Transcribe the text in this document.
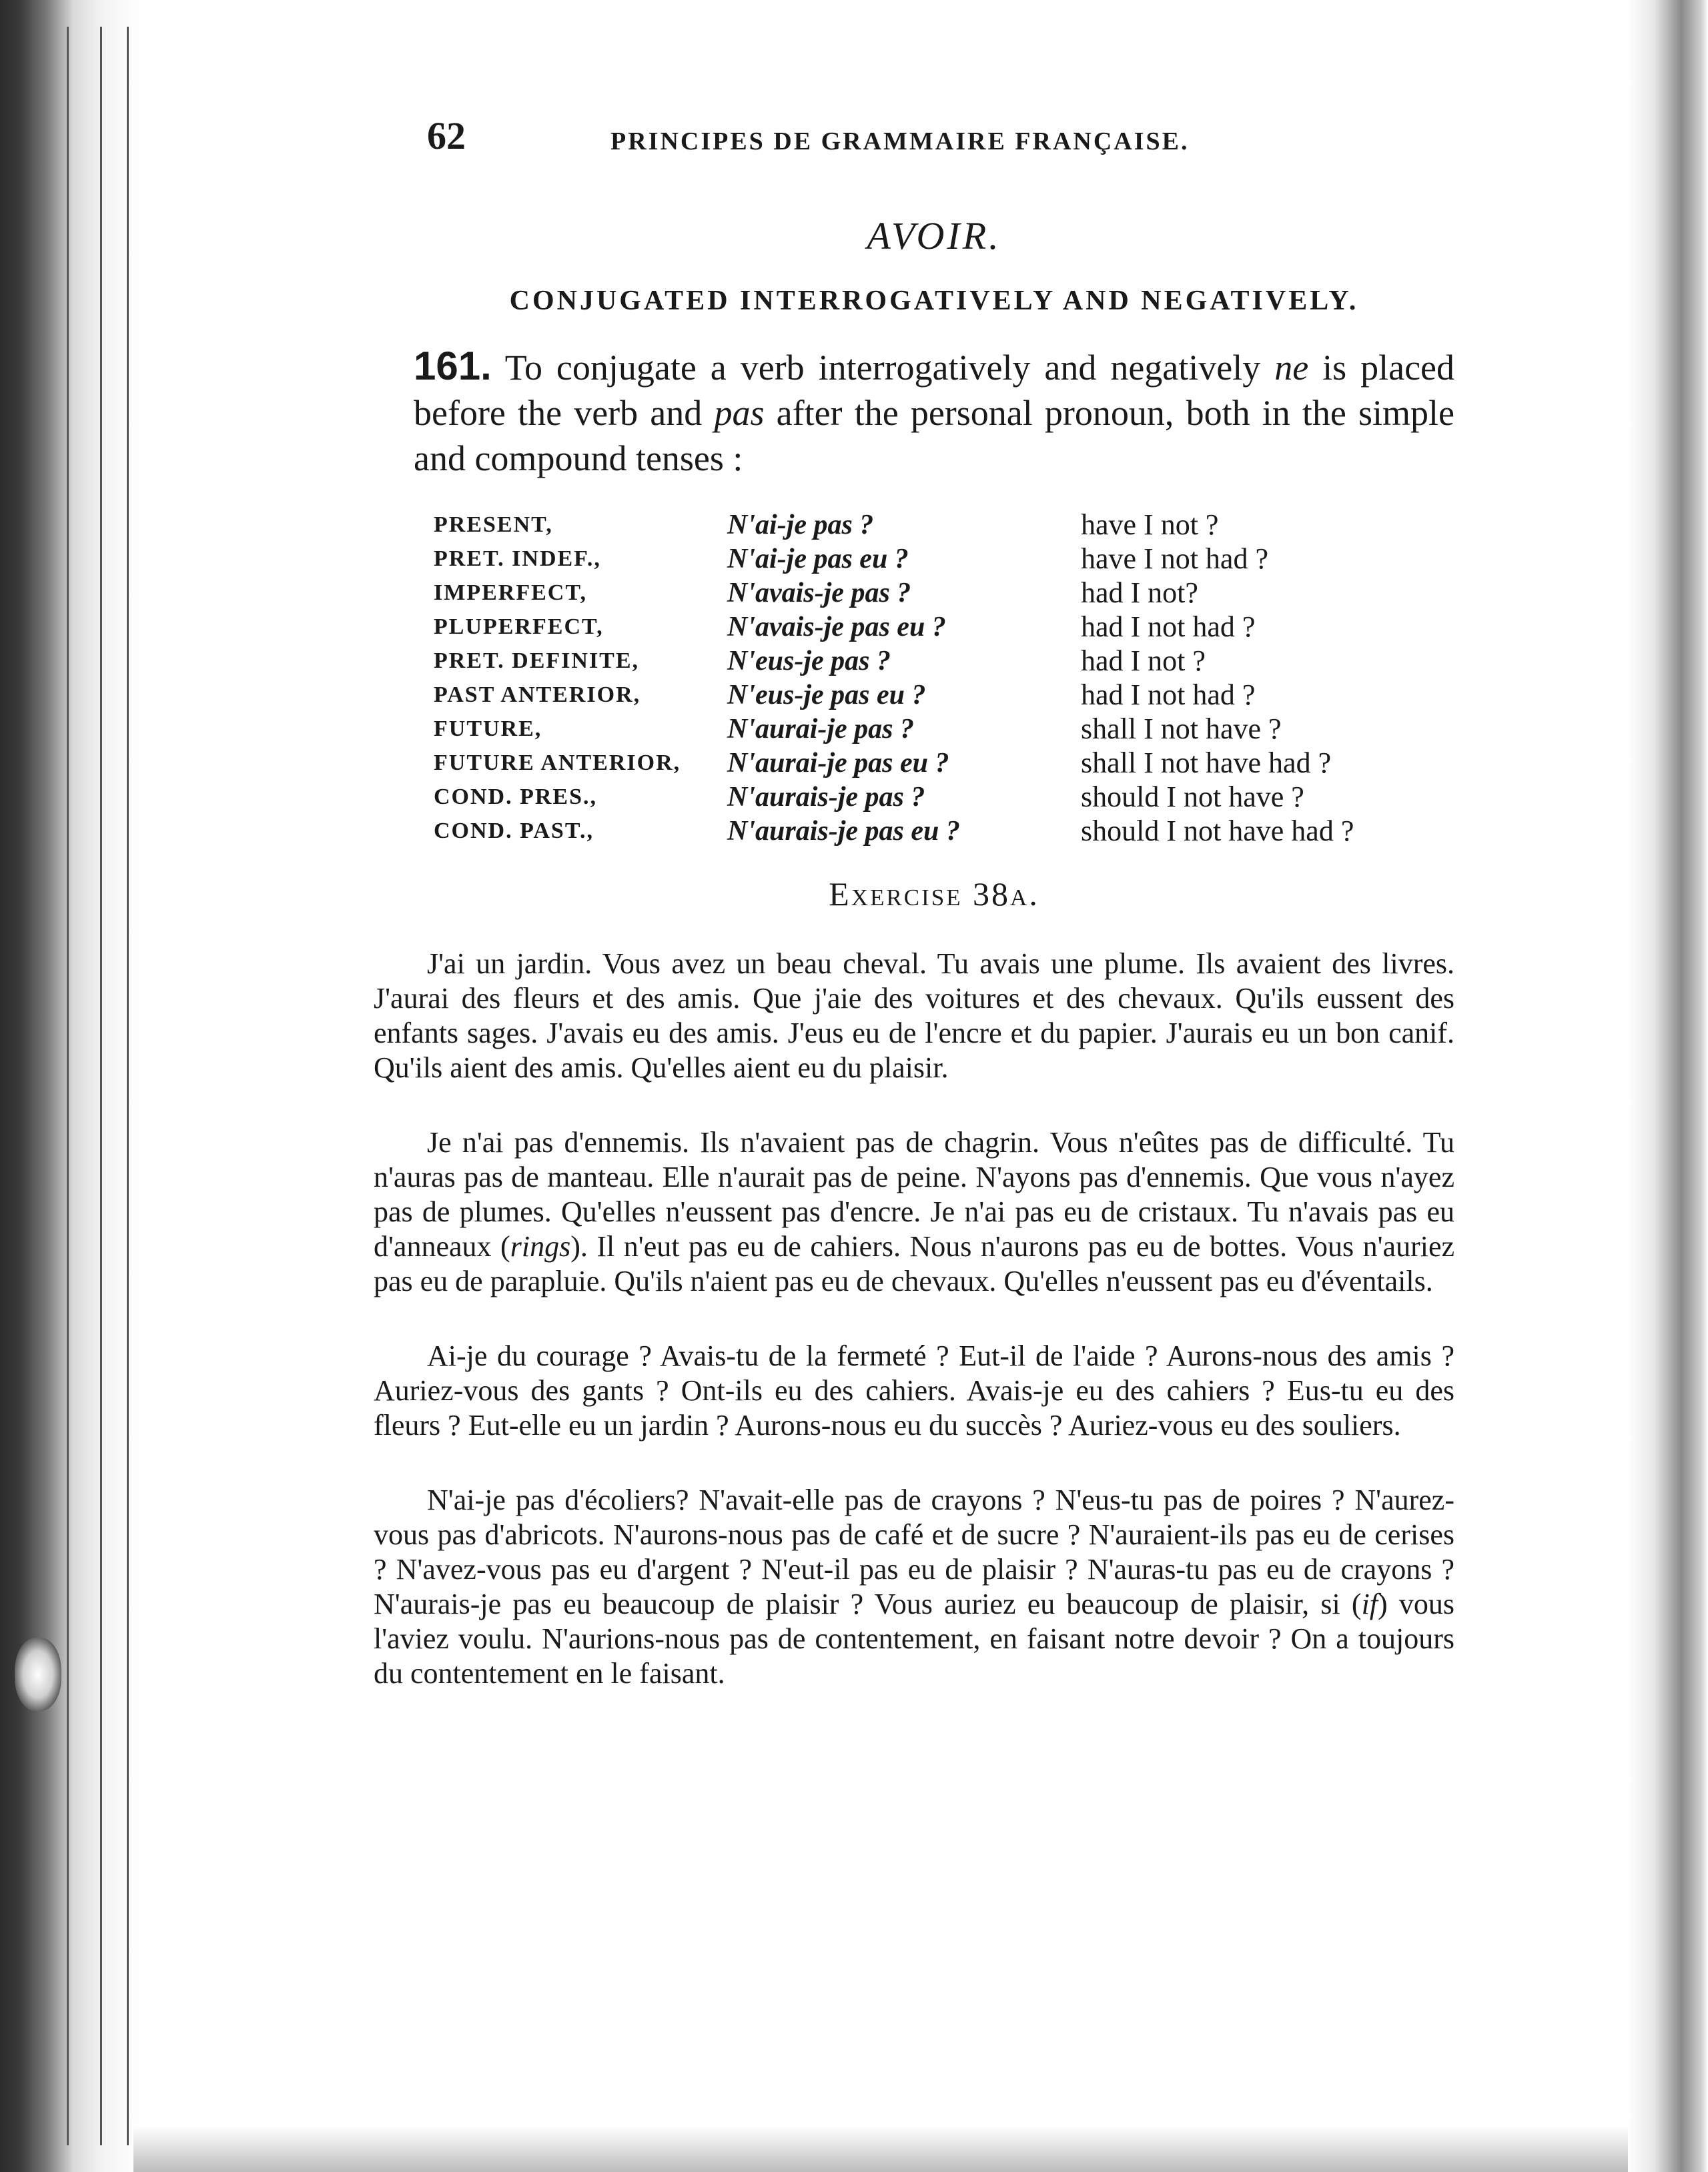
62	PRINCIPES DE GRAMMAIRE FRANÇAISE.
AVOIR.
CONJUGATED INTERROGATIVELY AND NEGATIVELY.

161. To conjugate a verb interrogatively and negatively ne is placed before the verb and pas after the personal pronoun, both in the simple and compound tenses :

PRESENT,	N'ai-je pas ?	have I not ?
PRET. INDEF.,	N'ai-je pas eu ?	have I not had ?
IMPERFECT,	N'avais-je pas ?	had I not?
PLUPERFECT,	N'avais-je pas eu ?	had I not had ?
PRET. DEFINITE,	N'eus-je pas ?	had I not ?
PAST ANTERIOR,	N'eus-je pas eu ?	had I not had ?
FUTURE,	N'aurai-je pas ?	shall I not have ?
FUTURE ANTERIOR,	N'aurai-je pas eu ?	shall I not have had ?
COND. PRES.,	N'aurais-je pas ?	should I not have ?
COND. PAST.,	N'aurais-je pas eu ?	should I not have had ?
Exercise 38a.

J'ai un jardin. Vous avez un beau cheval. Tu avais une plume. Ils avaient des livres. J'aurai des fleurs et des amis. Que j'aie des voitures et des chevaux. Qu'ils eussent des enfants sages. J'avais eu des amis. J'eus eu de l'encre et du papier. J'aurais eu un bon canif. Qu'ils aient des amis. Qu'elles aient eu du plaisir.

Je n'ai pas d'ennemis. Ils n'avaient pas de chagrin. Vous n'eûtes pas de difficulté. Tu n'auras pas de manteau. Elle n'aurait pas de peine. N'ayons pas d'ennemis. Que vous n'ayez pas de plumes. Qu'elles n'eussent pas d'encre. Je n'ai pas eu de cristaux. Tu n'avais pas eu d'anneaux (rings). Il n'eut pas eu de cahiers. Nous n'aurons pas eu de bottes. Vous n'auriez pas eu de parapluie. Qu'ils n'aient pas eu de chevaux. Qu'elles n'eussent pas eu d'éventails.

Ai-je du courage ? Avais-tu de la fermeté ? Eut-il de l'aide ? Aurons-nous des amis ? Auriez-vous des gants ? Ont-ils eu des cahiers. Avais-je eu des cahiers ? Eus-tu eu des fleurs ? Eut-elle eu un jardin ? Aurons-nous eu du succès ? Auriez-vous eu des souliers.

N'ai-je pas d'écoliers? N'avait-elle pas de crayons ? N'eus-tu pas de poires ? N'aurez-vous pas d'abricots. N'aurons-nous pas de café et de sucre ? N'auraient-ils pas eu de cerises ? N'avez-vous pas eu d'argent ? N'eut-il pas eu de plaisir ? N'auras-tu pas eu de crayons ? N'aurais-je pas eu beaucoup de plaisir ? Vous auriez eu beaucoup de plaisir, si (if) vous l'aviez voulu. N'aurions-nous pas de contentement, en faisant notre devoir ? On a toujours du contentement en le faisant.
